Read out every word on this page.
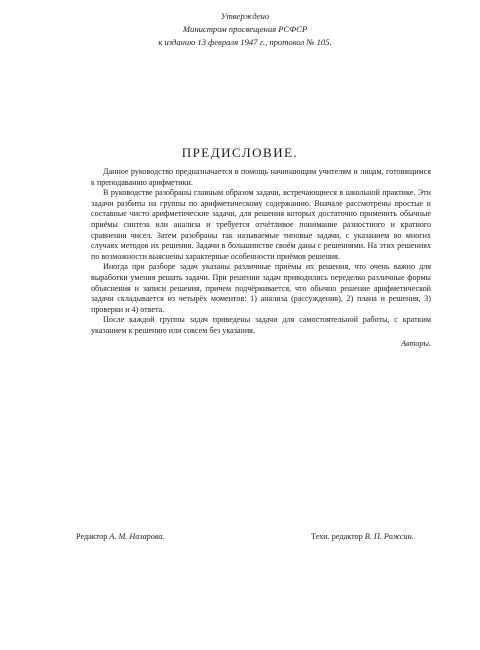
Утверждено
Министром просвещения РСФСР
к изданию 13 февраля 1947 г., протокол № 105.
ПРЕДИСЛОВИЕ.

Данное руководство предназначается в помощь начинающим учителям и лицам, готовящимся к преподаванию арифметики.

В руководстве разобраны главным образом задачи, встречающиеся в школьной практике. Эти задачи разбиты на группы по арифметическому содержанию. Вначале рассмотрены простые и составные чисто арифметические задачи, для решения которых достаточно применить обычные приёмы синтеза или анализа и требуется отчётливое понимание разностного и кратного сравнения чисел. Затем разобраны так называемые типовые задачи, с указанием во многих случаях методов их решения. Задачи в большинстве своём даны с решениями. На этих решениях по возможности выяснены характерные особенности приёмов решения.

Иногда при разборе задач указаны различные приёмы их решения, что очень важно для выработки умения решать задачи. При решении задач приводились переделко различные формы объяснения и записи решения, причем подчёркивается, что обычно решение арифметической задачи складывается из четырёх моментов: 1) анализа (рассуждения), 2) плана и решения, 3) проверки и 4) ответа.

После каждой группы задач приведены задачи для самостоятельной работы, с кратким указанием к решению или совсем без указания.

Авторы.
Редактор А. М. Назарова.	Техн. редактор В. П. Рожсин.
